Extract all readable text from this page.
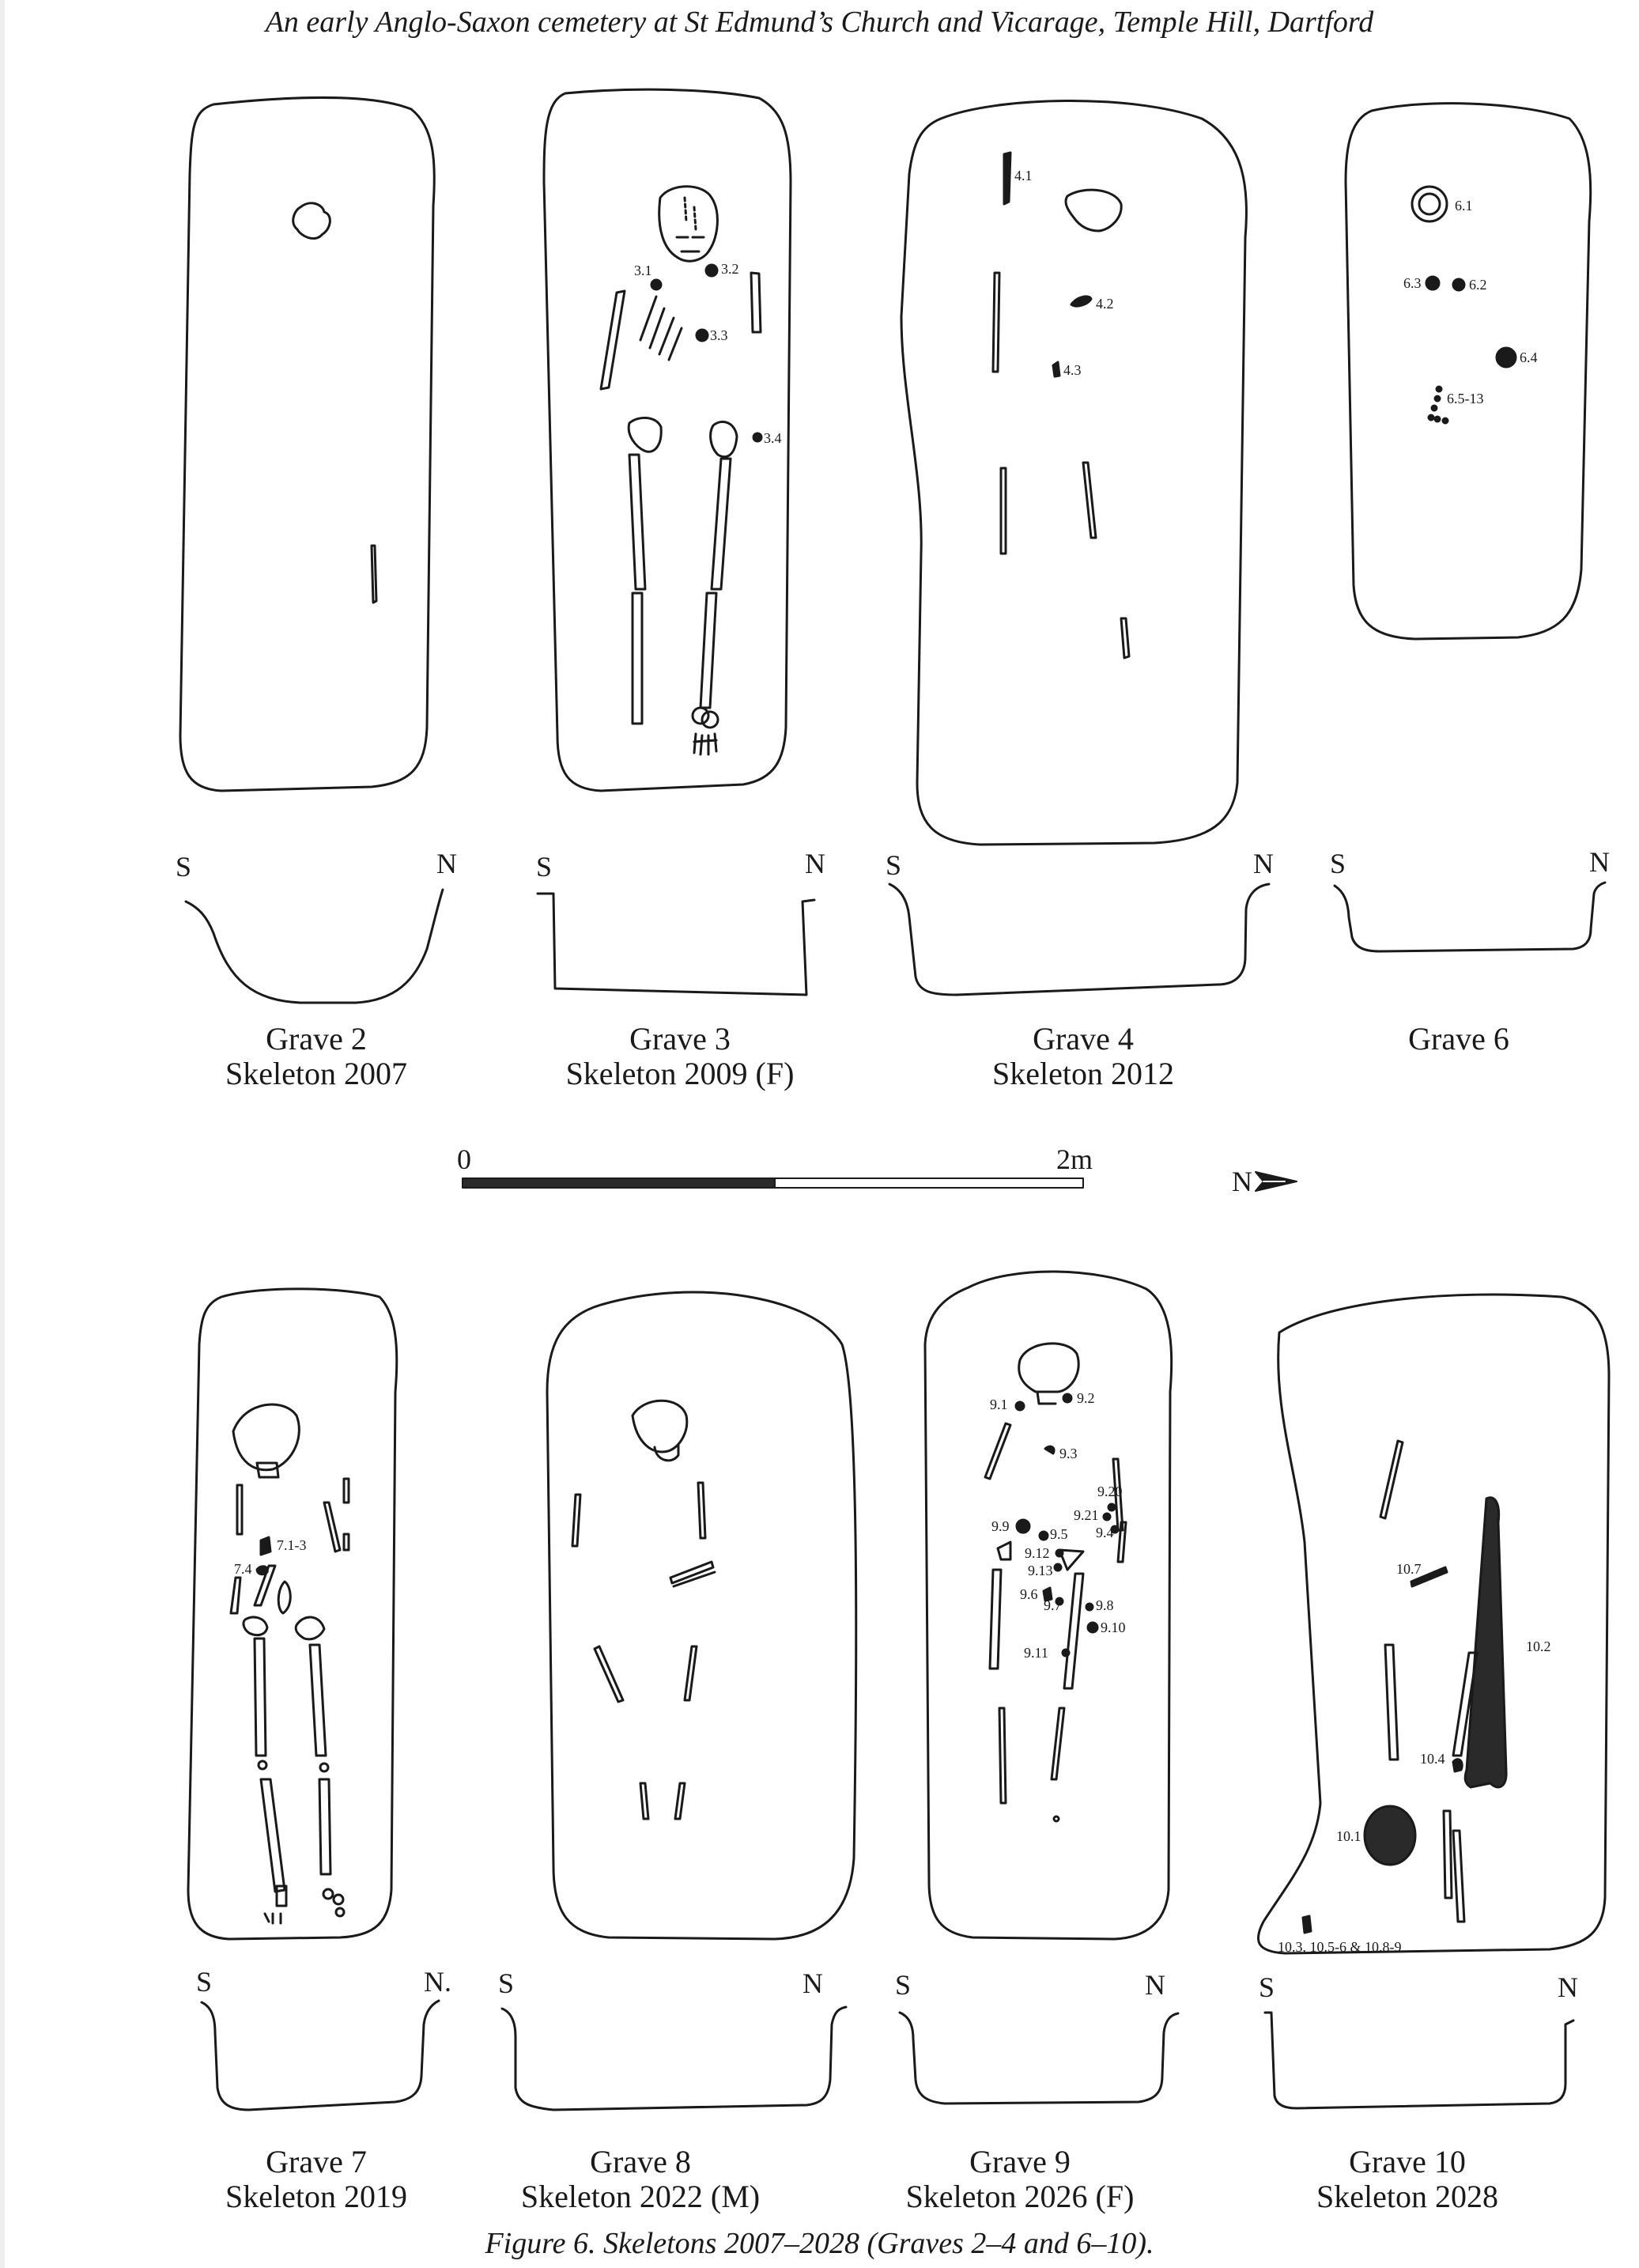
An early Anglo-Saxon cemetery at St Edmund’s Church and Vicarage, Temple Hill, Dartford
3.1	3.2
3.3
3.4
4.1
4.2
4.3
6.1
6.3	6.2
6.4
6.5-13
7.1-3
7.4
9.1	9.2
9.3
9.20
9.21
9.4
9.9	9.5
9.12
9.13
9.6
9.7 9.8
9.10
9.11
10.7
10.2
10.4
10.1
10.3, 10.5-6 & 10.8-9
S	N	S	N S	N S	N
S	N. S	N	S	N	S	N
0	2m
N
Grave 2
Skeleton 2007
Grave 3
Skeleton 2009 (F)
Grave 4
Skeleton 2012
Grave 6
Grave 7
Skeleton 2019
Grave 8
Skeleton 2022 (M)
Grave 9
Skeleton 2026 (F)
Grave 10
Skeleton 2028
Figure 6. Skeletons 2007–2028 (Graves 2–4 and 6–10).
